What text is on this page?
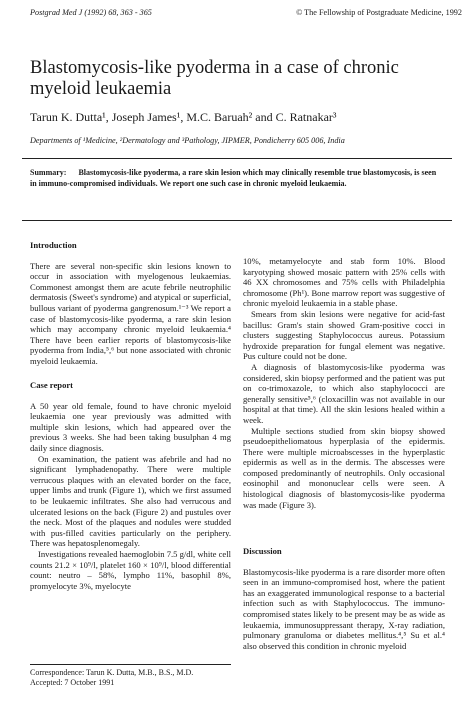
Postgrad Med J (1992) 68, 363 - 365	© The Fellowship of Postgraduate Medicine, 1992
Blastomycosis-like pyoderma in a case of chronic myeloid leukaemia
Tarun K. Dutta¹, Joseph James¹, M.C. Baruah² and C. Ratnakar³
Departments of ¹Medicine, ²Dermatology and ³Pathology, JIPMER, Pondicherry 605 006, India
Summary: Blastomycosis-like pyoderma, a rare skin lesion which may clinically resemble true blastomycosis, is seen in immuno-compromised individuals. We report one such case in chronic myeloid leukaemia.
Introduction

There are several non-specific skin lesions known to occur in association with myelogenous leukaemias. Commonest amongst them are acute febrile neutrophilic dermatosis (Sweet's syndrome) and atypical or superficial, bullous variant of pyoderma gangrenosum.¹⁻³ We report a case of blastomycosis-like pyoderma, a rare skin lesion which may accompany chronic myeloid leukaemia.⁴ There have been earlier reports of blastomycosis-like pyoderma from India,⁵,⁶ but none associated with chronic myeloid leukaemia.

Case report

A 50 year old female, found to have chronic myeloid leukaemia one year previously was admitted with multiple skin lesions, which had appeared over the previous 3 weeks. She had been taking busulphan 4 mg daily since diagnosis.

On examination, the patient was afebrile and had no significant lymphadenopathy. There were multiple verrucous plaques with an elevated border on the face, upper limbs and trunk (Figure 1), which we first assumed to be leukaemic infiltrates. She also had verrucous and ulcerated lesions on the back (Figure 2) and pustules over the neck. Most of the plaques and nodules were studded with pus-filled cavities particularly on the periphery. There was hepatosplenomegaly.

Investigations revealed haemoglobin 7.5 g/dl, white cell counts 21.2 × 10⁹/l, platelet 160 × 10⁹/l, blood differential count: neutro – 58%, lympho 11%, basophil 8%, promyelocyte 3%, myelocyte

Correspondence: Tarun K. Dutta, M.B., B.S., M.D.
Accepted: 7 October 1991

10%, metamyelocyte and stab form 10%. Blood karyotyping showed mosaic pattern with 25% cells with 46 XX chromosomes and 75% cells with Philadelphia chromosome (Ph¹). Bone marrow report was suggestive of chronic myeloid leukaemia in a stable phase.

Smears from skin lesions were negative for acid-fast bacillus: Gram's stain showed Gram-positive cocci in clusters suggesting Staphylococcus aureus. Potassium hydroxide preparation for fungal element was negative. Pus culture could not be done.

A diagnosis of blastomycosis-like pyoderma was considered, skin biopsy performed and the patient was put on co-trimoxazole, to which also staphylococci are generally sensitive⁵,⁶ (cloxacillin was not available in our hospital at that time). All the skin lesions healed within a week.

Multiple sections studied from skin biopsy showed pseudoepitheliomatous hyperplasia of the epidermis. There were multiple microabscesses in the hyperplastic epidermis as well as in the dermis. The abscesses were composed predominantly of neutrophils. Only occasional eosinophil and mononuclear cells were seen. A histological diagnosis of blastomycosis-like pyoderma was made (Figure 3).

Discussion

Blastomycosis-like pyoderma is a rare disorder more often seen in an immuno-compromised host, where the patient has an exaggerated immunological response to a bacterial infection such as with Staphylococcus. The immuno-compromised states likely to be present may be as wide as leukaemia, immunosuppressant therapy, X-ray radiation, pulmonary granuloma or diabetes mellitus.⁴,⁵ Su et al.⁴ also observed this condition in chronic myeloid
